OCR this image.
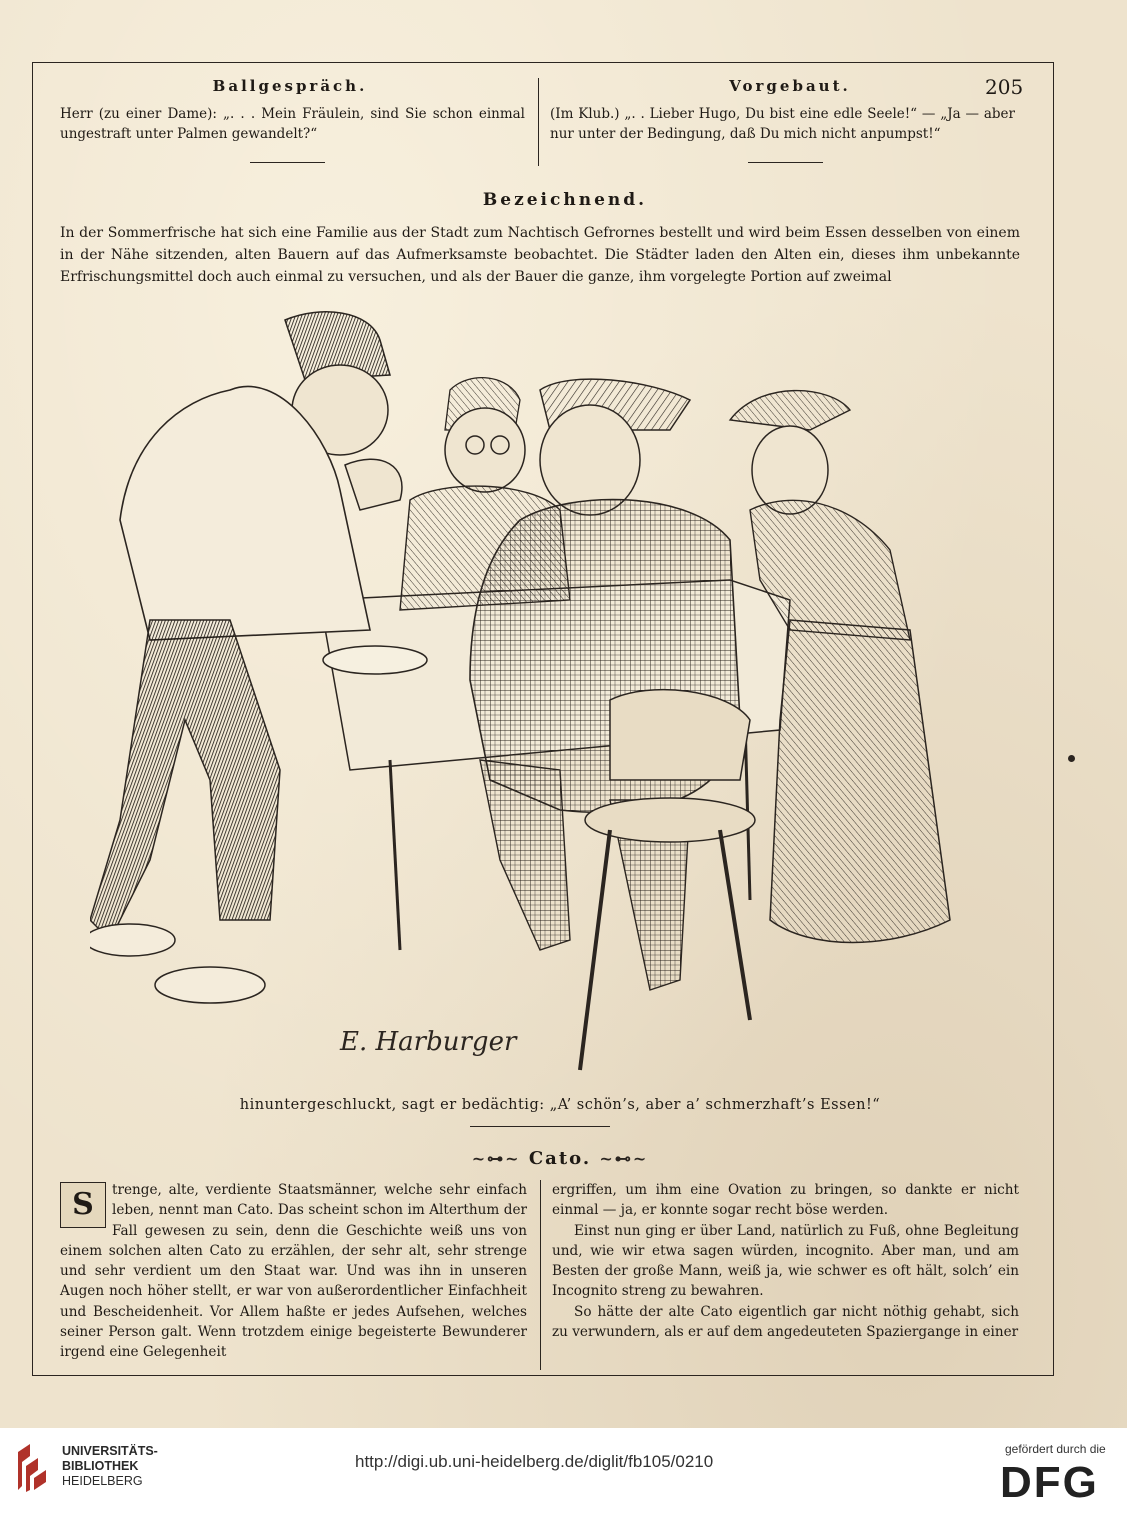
Ballgespräch.
Herr (zu einer Dame): „. . . Mein Fräulein, sind Sie schon einmal ungestraft unter Palmen gewandelt?“
Vorgebaut.	205
(Im Klub.) „. . Lieber Hugo, Du bist eine edle Seele!“ — „Ja — aber nur unter der Bedingung, daß Du mich nicht anpumpst!“
Bezeichnend.
In der Sommerfrische hat sich eine Familie aus der Stadt zum Nachtisch Gefrornes bestellt und wird beim Essen desselben von einem in der Nähe sitzenden, alten Bauern auf das Aufmerksamste beobachtet. Die Städter laden den Alten ein, dieses ihm unbekannte Erfrischungsmittel doch auch einmal zu versuchen, und als der Bauer die ganze, ihm vorgelegte Portion auf zweimal
E. Harburger
hinuntergeschluckt, sagt er bedächtig: „A’ schön’s, aber a’ schmerzhaft’s Essen!“
~⊶~ Cato. ~⊷~

S	trenge, alte, verdiente Staatsmänner, welche sehr einfach leben, nennt man Cato. Das scheint schon im Alterthum der Fall gewesen zu sein, denn die Geschichte weiß uns von einem solchen alten Cato zu erzählen, der sehr alt, sehr strenge und sehr verdient um den Staat war. Und was ihn in unseren Augen noch höher stellt, er war von außerordentlicher Einfachheit und Bescheidenheit. Vor Allem haßte er jedes Aufsehen, welches seiner Person galt. Wenn trotzdem einige begeisterte Bewunderer irgend eine Gelegenheit

ergriffen, um ihm eine Ovation zu bringen, so dankte er nicht einmal — ja, er konnte sogar recht böse werden.

Einst nun ging er über Land, natürlich zu Fuß, ohne Begleitung und, wie wir etwa sagen würden, incognito. Aber man, und am Besten der große Mann, weiß ja, wie schwer es oft hält, solch’ ein Incognito streng zu bewahren.

So hätte der alte Cato eigentlich gar nicht nöthig gehabt, sich zu verwundern, als er auf dem angedeuteten Spaziergange in einer

UNIVERSITÄTS-
BIBLIOTHEK
HEIDELBERG
http://digi.ub.uni-heidelberg.de/diglit/fb105/0210
gefördert durch die
DFG
